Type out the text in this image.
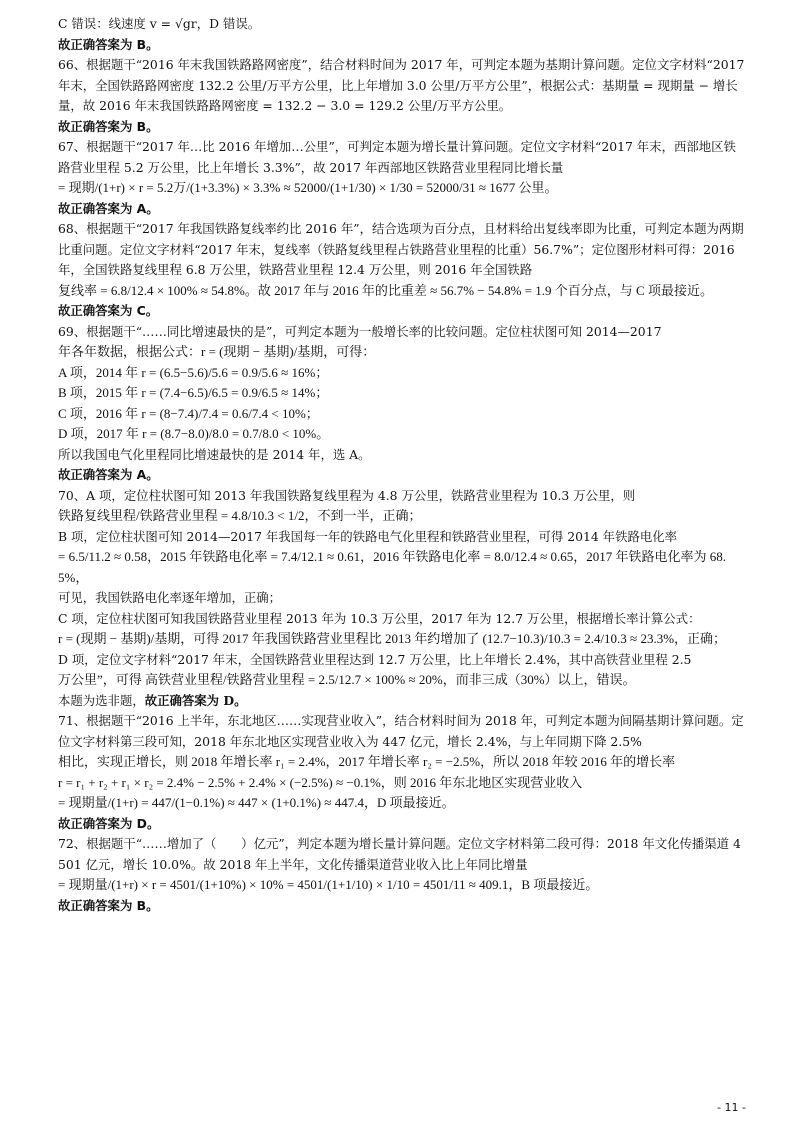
C 错误：线速度 v = √gr，D 错误。

故正确答案为 B。

66、根据题干“2016 年末我国铁路路网密度”，结合材料时间为 2017 年，可判定本题为基期计算问题。定位文字材料“2017 年末，全国铁路路网密度 132.2 公里/万平方公里，比上年增加 3.0 公里/万平方公里”，根据公式：基期量 = 现期量 − 增长量，故 2016 年末我国铁路路网密度 = 132.2 − 3.0 = 129.2 公里/万平方公里。

故正确答案为 B。

67、根据题干“2017 年…比 2016 年增加…公里”，可判定本题为增长量计算问题。定位文字材料“2017 年末，西部地区铁路营业里程 5.2 万公里，比上年增长 3.3%”，故 2017 年西部地区铁路营业里程同比增长量

= 现期/(1+r) × r = 5.2万/(1+3.3%) × 3.3% ≈ 52000/(1+1/30) × 1/30 = 52000/31 ≈ 1677 公里。

故正确答案为 A。

68、根据题干“2017 年我国铁路复线率约比 2016 年”，结合选项为百分点，且材料给出复线率即为比重，可判定本题为两期比重问题。定位文字材料“2017 年末，复线率（铁路复线里程占铁路营业里程的比重）56.7%”；定位图形材料可得：2016 年，全国铁路复线里程 6.8 万公里，铁路营业里程 12.4 万公里，则 2016 年全国铁路

复线率 = 6.8/12.4 × 100% ≈ 54.8%。故 2017 年与 2016 年的比重差 ≈ 56.7% − 54.8% = 1.9 个百分点，与 C 项最接近。

故正确答案为 C。

69、根据题干“……同比增速最快的是”，可判定本题为一般增长率的比较问题。定位柱状图可知 2014—2017

年各年数据，根据公式：r = (现期 − 基期)/基期，可得：

A 项，2014 年 r = (6.5−5.6)/5.6 = 0.9/5.6 ≈ 16%；

B 项，2015 年 r = (7.4−6.5)/6.5 = 0.9/6.5 ≈ 14%；

C 项，2016 年 r = (8−7.4)/7.4 = 0.6/7.4 < 10%；

D 项，2017 年 r = (8.7−8.0)/8.0 = 0.7/8.0 < 10%。

所以我国电气化里程同比增速最快的是 2014 年，选 A。

故正确答案为 A。

70、A 项，定位柱状图可知 2013 年我国铁路复线里程为 4.8 万公里，铁路营业里程为 10.3 万公里，则

铁路复线里程/铁路营业里程 = 4.8/10.3 < 1/2，不到一半，正确；

B 项，定位柱状图可知 2014—2017 年我国每一年的铁路电气化里程和铁路营业里程，可得 2014 年铁路电化率

= 6.5/11.2 ≈ 0.58，2015 年铁路电化率 = 7.4/12.1 ≈ 0.61，2016 年铁路电化率 = 8.0/12.4 ≈ 0.65，2017 年铁路电化率为 68.5%，

可见，我国铁路电化率逐年增加，正确；

C 项，定位柱状图可知我国铁路营业里程 2013 年为 10.3 万公里，2017 年为 12.7 万公里，根据增长率计算公式：

r = (现期 − 基期)/基期，可得 2017 年我国铁路营业里程比 2013 年约增加了 (12.7−10.3)/10.3 = 2.4/10.3 ≈ 23.3%，正确；

D 项，定位文字材料“2017 年末，全国铁路营业里程达到 12.7 万公里，比上年增长 2.4%，其中高铁营业里程 2.5

万公里”，可得 高铁营业里程/铁路营业里程 = 2.5/12.7 × 100% ≈ 20%，而非三成（30%）以上，错误。

本题为选非题，故正确答案为 D。

71、根据题干“2016 上半年，东北地区……实现营业收入”，结合材料时间为 2018 年，可判定本题为间隔基期计算问题。定位文字材料第三段可知，2018 年东北地区实现营业收入为 447 亿元，增长 2.4%，与上年同期下降 2.5%

相比，实现正增长，则 2018 年增长率 r₁ = 2.4%，2017 年增长率 r₂ = −2.5%，所以 2018 年较 2016 年的增长率

r = r₁ + r₂ + r₁ × r₂ = 2.4% − 2.5% + 2.4% × (−2.5%) ≈ −0.1%，则 2016 年东北地区实现营业收入

= 现期量/(1+r) = 447/(1−0.1%) ≈ 447 × (1+0.1%) ≈ 447.4，D 项最接近。

故正确答案为 D。

72、根据题干“……增加了（　　）亿元”，判定本题为增长量计算问题。定位文字材料第二段可得：2018 年文化传播渠道 4501 亿元，增长 10.0%。故 2018 年上半年，文化传播渠道营业收入比上年同比增量

= 现期量/(1+r) × r = 4501/(1+10%) × 10% = 4501/(1+1/10) × 1/10 = 4501/11 ≈ 409.1，B 项最接近。

故正确答案为 B。

- 11 -
